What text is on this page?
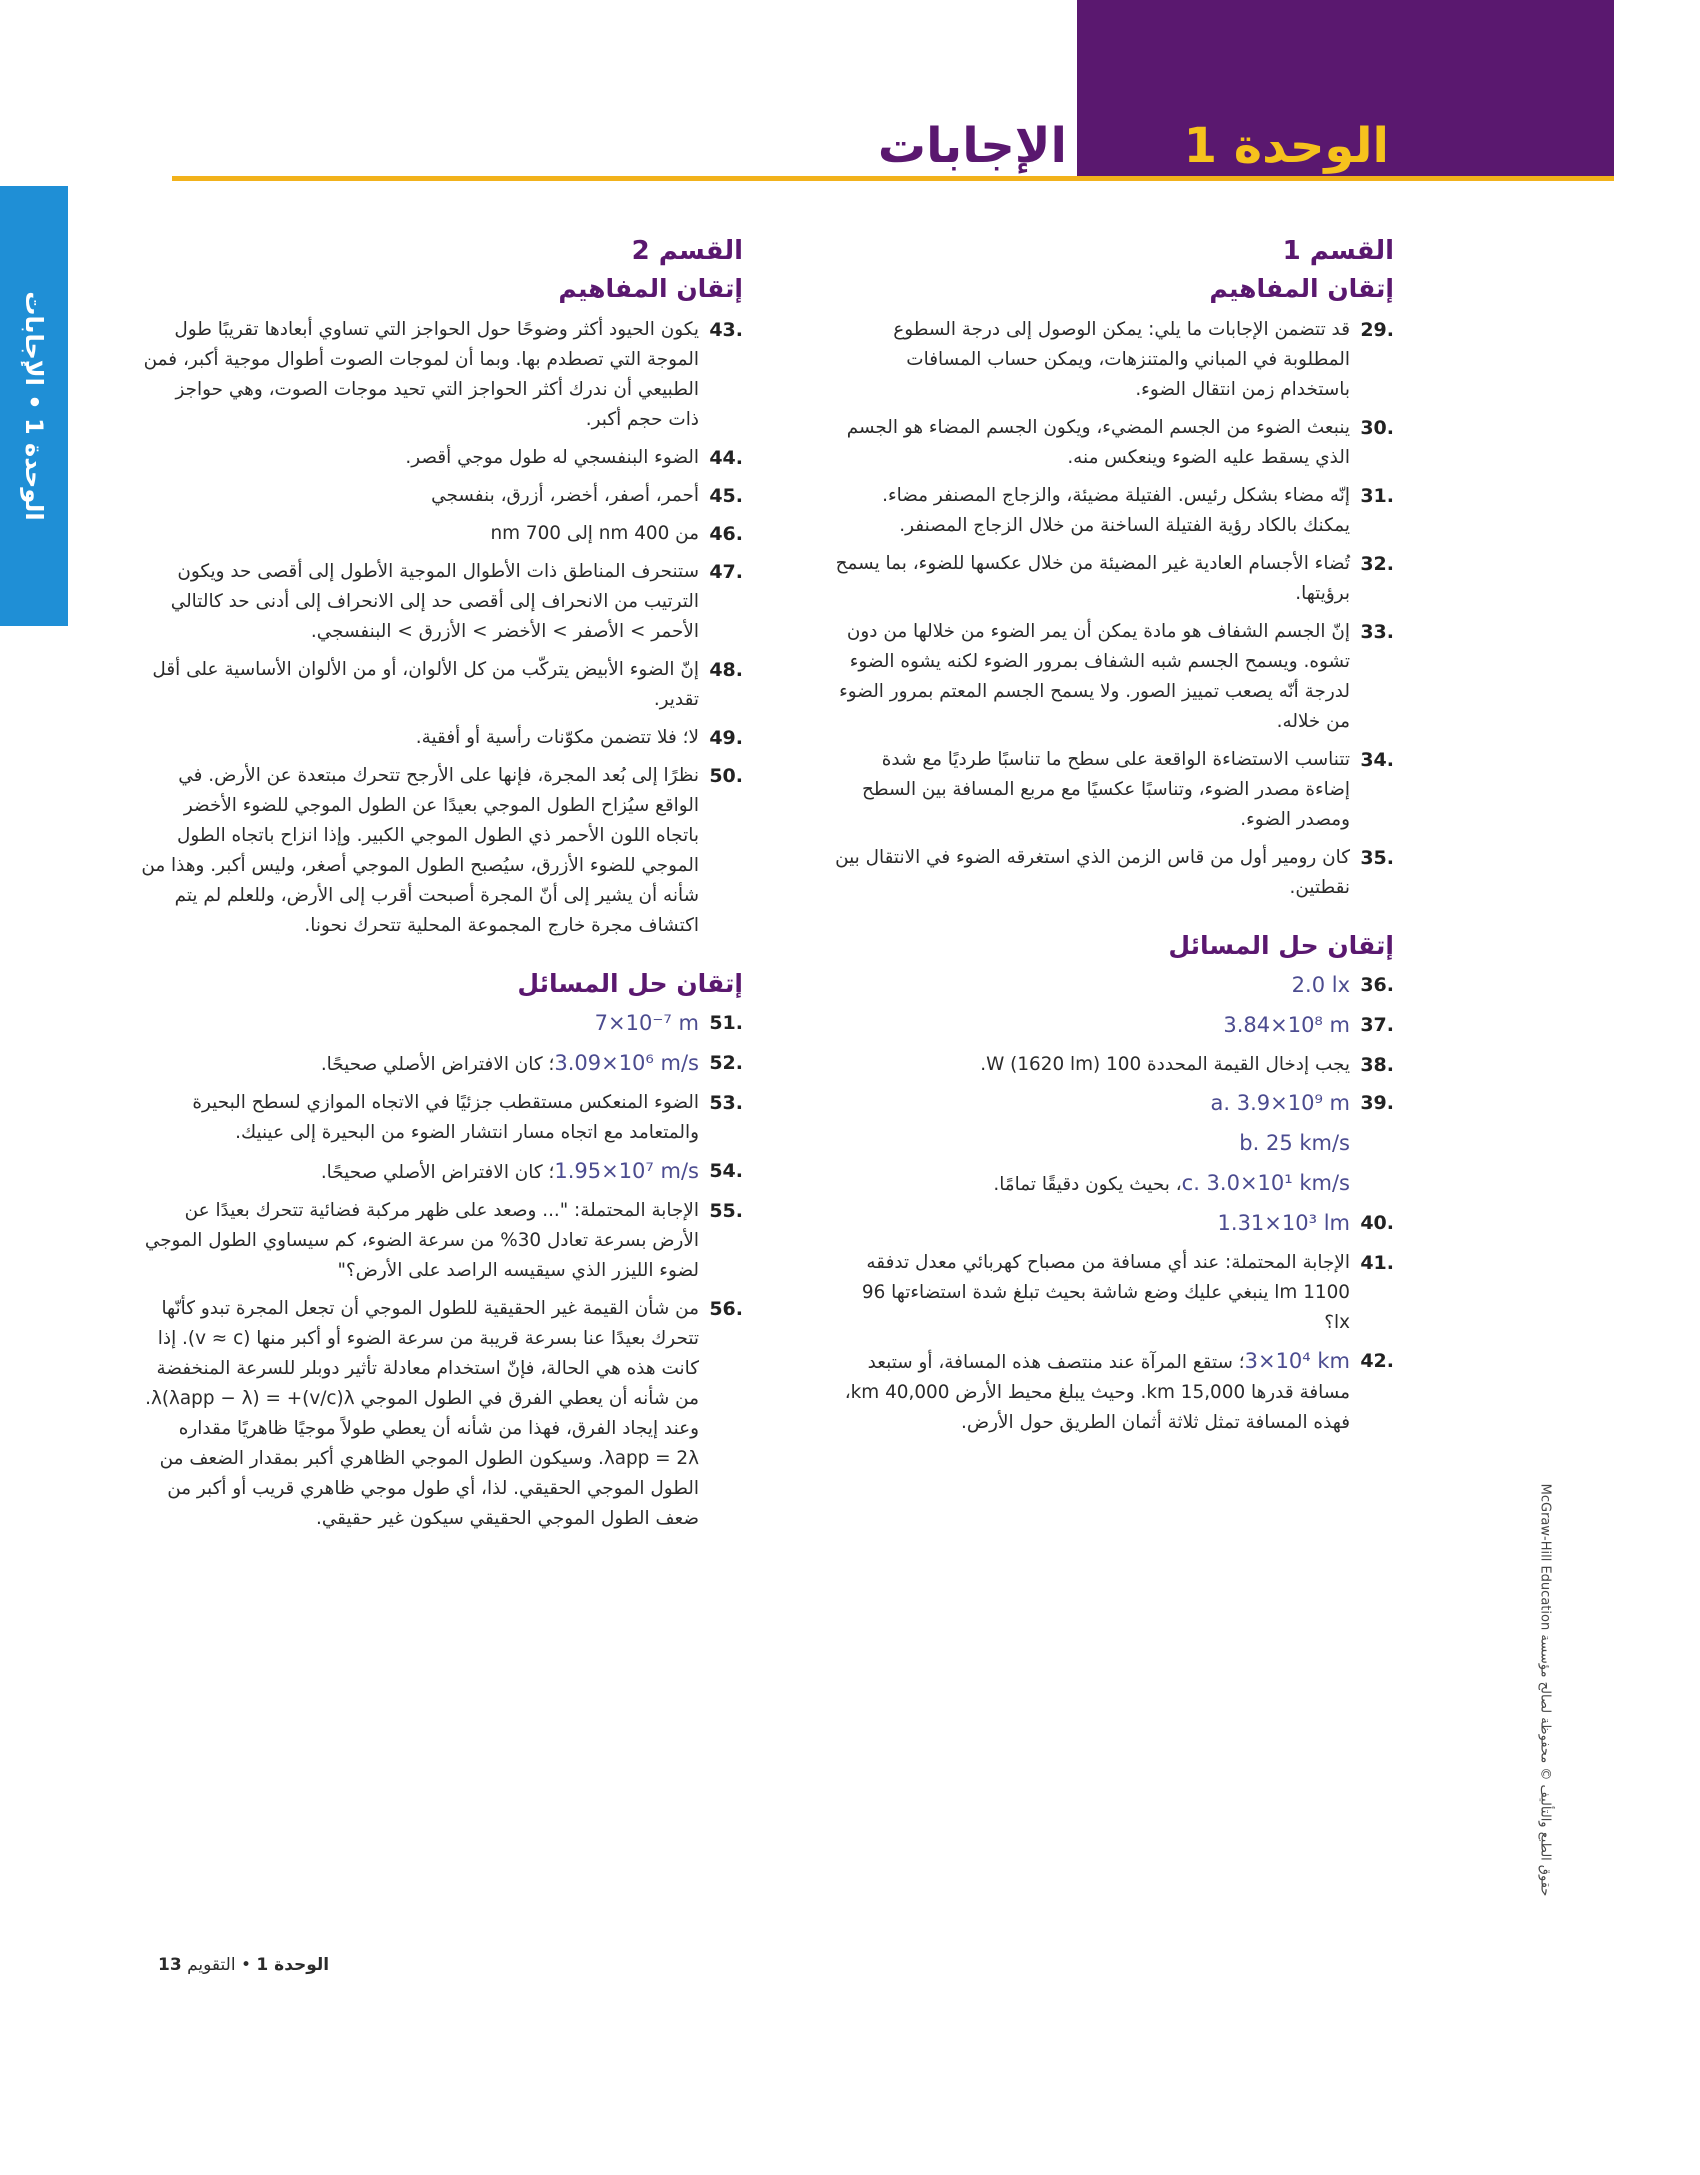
الوحدة 1
الإجابات
الوحدة 1 • الإجابات
حقوق الطبع والتأليف © محفوظة لصالح مؤسسة McGraw-Hill Education
القسم 1
إتقان المفاهيم
.29
قد تتضمن الإجابات ما يلي: يمكن الوصول إلى درجة السطوع المطلوبة في المباني والمتنزهات، ويمكن حساب المسافات باستخدام زمن انتقال الضوء.
.30
ينبعث الضوء من الجسم المضيء، ويكون الجسم المضاء هو الجسم الذي يسقط عليه الضوء وينعكس منه.
.31
إنّه مضاء بشكل رئيس. الفتيلة مضيئة، والزجاج المصنفر مضاء. يمكنك بالكاد رؤية الفتيلة الساخنة من خلال الزجاج المصنفر.
.32
تُضاء الأجسام العادية غير المضيئة من خلال عكسها للضوء، بما يسمح برؤيتها.
.33
إنّ الجسم الشفاف هو مادة يمكن أن يمر الضوء من خلالها من دون تشوه. ويسمح الجسم شبه الشفاف بمرور الضوء لكنه يشوه الضوء لدرجة أنّه يصعب تمييز الصور. ولا يسمح الجسم المعتم بمرور الضوء من خلاله.
.34
تتناسب الاستضاءة الواقعة على سطح ما تناسبًا طرديًا مع شدة إضاءة مصدر الضوء، وتناسبًا عكسيًا مع مربع المسافة بين السطح ومصدر الضوء.
.35
كان رومير أول من قاس الزمن الذي استغرقه الضوء في الانتقال بين نقطتين.
إتقان حل المسائل
.36
2.0 lx
.37
3.84×10⁸ m
.38
يجب إدخال القيمة المحددة 100 W (1620 lm).
.39
a. 3.9×10⁹ m
b. 25 km/s
c. 3.0×10¹ km/s، بحيث يكون دقيقًا تمامًا.
.40
1.31×10³ lm
.41
الإجابة المحتملة: عند أي مسافة من مصباح كهربائي معدل تدفقه 1100 lm ينبغي عليك وضع شاشة بحيث تبلغ شدة استضاءتها 96 lx؟
.42
3×10⁴ km؛ ستقع المرآة عند منتصف هذه المسافة، أو ستبعد مسافة قدرها 15,000 km. وحيث يبلغ محيط الأرض 40,000 km، فهذه المسافة تمثل ثلاثة أثمان الطريق حول الأرض.
القسم 2
إتقان المفاهيم
.43
يكون الحيود أكثر وضوحًا حول الحواجز التي تساوي أبعادها تقريبًا طول الموجة التي تصطدم بها. وبما أن لموجات الصوت أطوال موجية أكبر، فمن الطبيعي أن ندرك أكثر الحواجز التي تحيد موجات الصوت، وهي حواجز ذات حجم أكبر.
.44
الضوء البنفسجي له طول موجي أقصر.
.45
أحمر، أصفر، أخضر، أزرق، بنفسجي
.46
من 400 nm إلى 700 nm
.47
ستنحرف المناطق ذات الأطوال الموجية الأطول إلى أقصى حد ويكون الترتيب من الانحراف إلى أقصى حد إلى الانحراف إلى أدنى حد كالتالي الأحمر > الأصفر > الأخضر > الأزرق > البنفسجي.
.48
إنّ الضوء الأبيض يتركّب من كل الألوان، أو من الألوان الأساسية على أقل تقدير.
.49
لا؛ فلا تتضمن مكوّنات رأسية أو أفقية.
.50
نظرًا إلى بُعد المجرة، فإنها على الأرجح تتحرك مبتعدة عن الأرض. في الواقع سيُزاح الطول الموجي بعيدًا عن الطول الموجي للضوء الأخضر باتجاه اللون الأحمر ذي الطول الموجي الكبير. وإذا انزاح باتجاه الطول الموجي للضوء الأزرق، سيُصبح الطول الموجي أصغر، وليس أكبر. وهذا من شأنه أن يشير إلى أنّ المجرة أصبحت أقرب إلى الأرض، وللعلم لم يتم اكتشاف مجرة خارج المجموعة المحلية تتحرك نحونا.
إتقان حل المسائل
.51
7×10⁻⁷ m
.52
3.09×10⁶ m/s؛ كان الافتراض الأصلي صحيحًا.
.53
الضوء المنعكس مستقطب جزئيًا في الاتجاه الموازي لسطح البحيرة والمتعامد مع اتجاه مسار انتشار الضوء من البحيرة إلى عينيك.
.54
1.95×10⁷ m/s؛ كان الافتراض الأصلي صحيحًا.
.55
الإجابة المحتملة: "... وصعد على ظهر مركبة فضائية تتحرك بعيدًا عن الأرض بسرعة تعادل 30% من سرعة الضوء، كم سيساوي الطول الموجي لضوء الليزر الذي سيقيسه الراصد على الأرض؟"
.56
من شأن القيمة غير الحقيقية للطول الموجي أن تجعل المجرة تبدو كأنّها تتحرك بعيدًا عنا بسرعة قريبة من سرعة الضوء أو أكبر منها (v ≈ c). إذا كانت هذه هي الحالة، فإنّ استخدام معادلة تأثير دوبلر للسرعة المنخفضة من شأنه أن يعطي الفرق في الطول الموجي λ(λapp − λ) = +(v/c)λ. وعند إيجاد الفرق، فهذا من شأنه أن يعطي طولاً موجيًا ظاهريًا مقداره λapp = 2λ. وسيكون الطول الموجي الظاهري أكبر بمقدار الضعف من الطول الموجي الحقيقي. لذا، أي طول موجي ظاهري قريب أو أكبر من ضعف الطول الموجي الحقيقي سيكون غير حقيقي.
الوحدة 1 • التقويم 13
